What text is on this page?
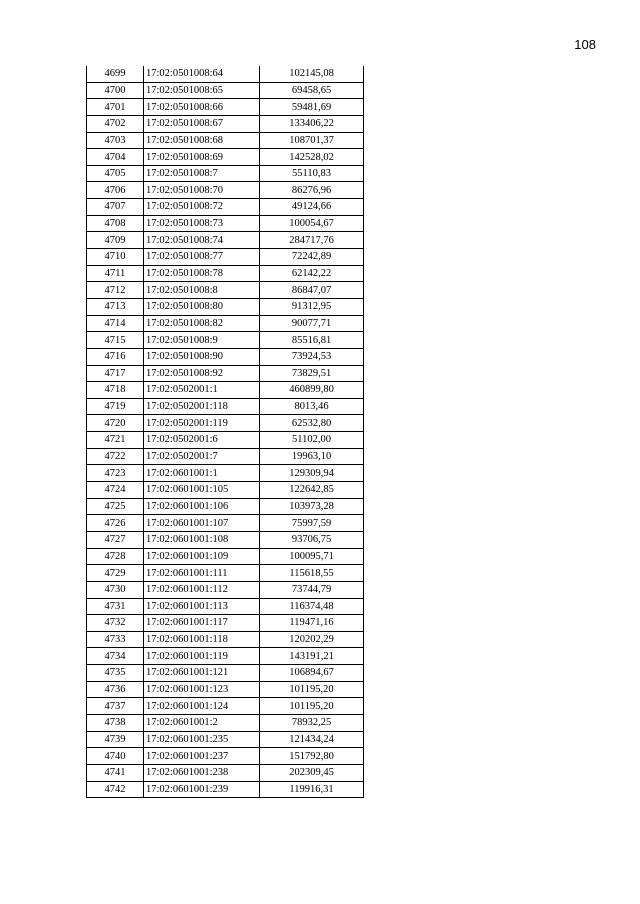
108
4699	17:02:0501008:64	102145,08
4700	17:02:0501008:65	69458,65
4701	17:02:0501008:66	59481,69
4702	17:02:0501008:67	133406,22
4703	17:02:0501008:68	108701,37
4704	17:02:0501008:69	142528,02
4705	17:02:0501008:7	55110,83
4706	17:02:0501008:70	86276,96
4707	17:02:0501008:72	49124,66
4708	17:02:0501008:73	100054,67
4709	17:02:0501008:74	284717,76
4710	17:02:0501008:77	72242,89
4711	17:02:0501008:78	62142,22
4712	17:02:0501008:8	86847,07
4713	17:02:0501008:80	91312,95
4714	17:02:0501008:82	90077,71
4715	17:02:0501008:9	85516,81
4716	17:02:0501008:90	73924,53
4717	17:02:0501008:92	73829,51
4718	17:02:0502001:1	460899,80
4719	17:02:0502001:118	8013,46
4720	17:02:0502001:119	62532,80
4721	17:02:0502001:6	51102,00
4722	17:02:0502001:7	19963,10
4723	17:02:0601001:1	129309,94
4724	17:02:0601001:105	122642,85
4725	17:02:0601001:106	103973,28
4726	17:02:0601001:107	75997,59
4727	17:02:0601001:108	93706,75
4728	17:02:0601001:109	100095,71
4729	17:02:0601001:111	115618,55
4730	17:02:0601001:112	73744,79
4731	17:02:0601001:113	116374,48
4732	17:02:0601001:117	119471,16
4733	17:02:0601001:118	120202,29
4734	17:02:0601001:119	143191,21
4735	17:02:0601001:121	106894,67
4736	17:02:0601001:123	101195,20
4737	17:02:0601001:124	101195,20
4738	17:02:0601001:2	78932,25
4739	17:02:0601001:235	121434,24
4740	17:02:0601001:237	151792,80
4741	17:02:0601001:238	202309,45
4742	17:02:0601001:239	119916,31
